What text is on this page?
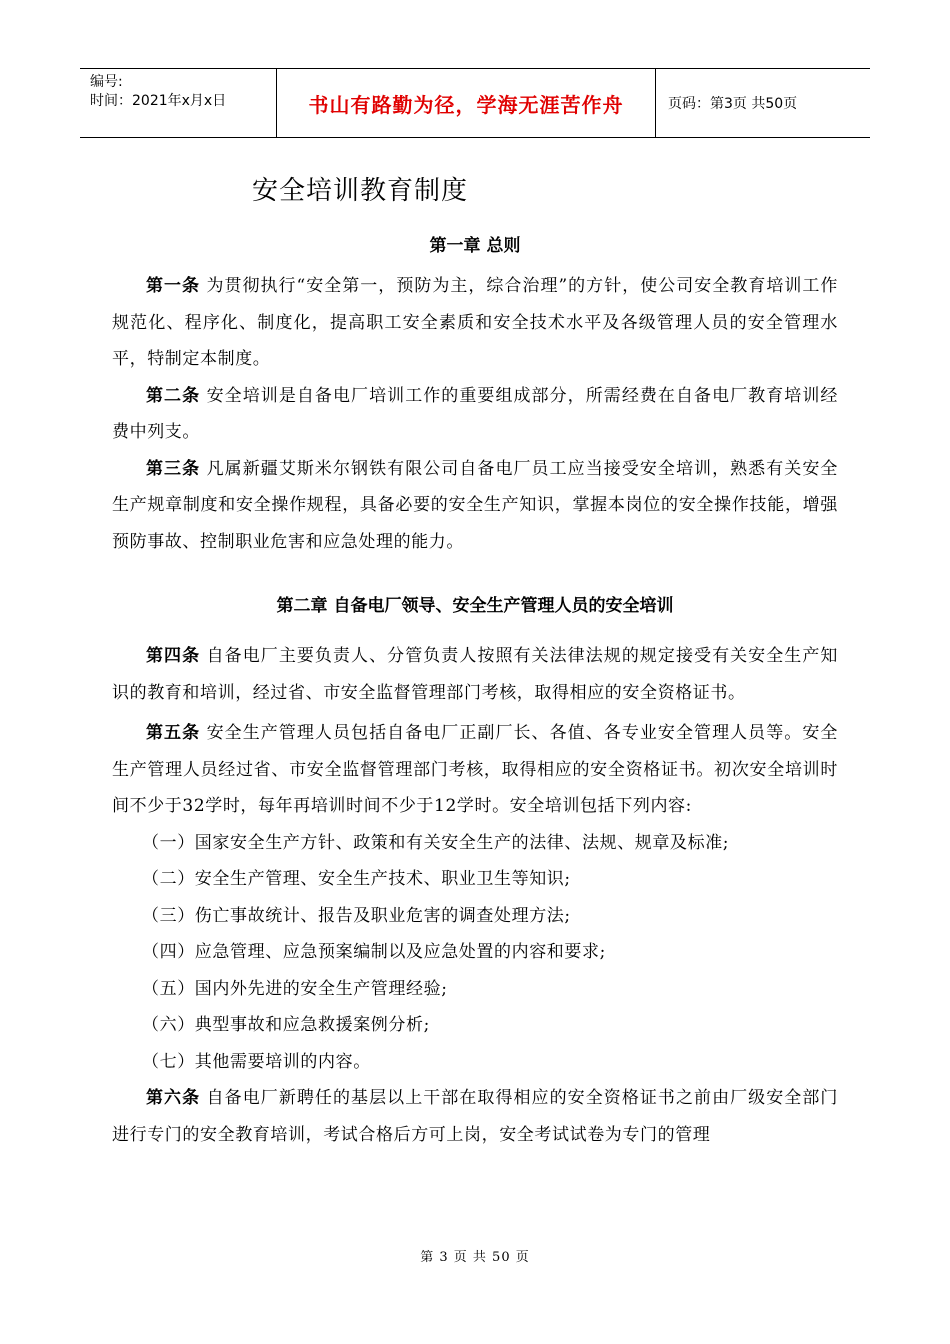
编号:
时间：2021年x月x日	书山有路勤为径，学海无涯苦作舟	页码：第3页 共50页
安全培训教育制度
第一章 总则
第一条 为贯彻执行“安全第一，预防为主，综合治理”的方针，使公司安全教育培训工作规范化、程序化、制度化，提高职工安全素质和安全技术水平及各级管理人员的安全管理水平，特制定本制度。
第二条 安全培训是自备电厂培训工作的重要组成部分，所需经费在自备电厂教育培训经费中列支。
第三条 凡属新疆艾斯米尔钢铁有限公司自备电厂员工应当接受安全培训，熟悉有关安全生产规章制度和安全操作规程，具备必要的安全生产知识，掌握本岗位的安全操作技能，增强预防事故、控制职业危害和应急处理的能力。
第二章 自备电厂领导、安全生产管理人员的安全培训
第四条 自备电厂主要负责人、分管负责人按照有关法律法规的规定接受有关安全生产知识的教育和培训，经过省、市安全监督管理部门考核，取得相应的安全资格证书。
第五条 安全生产管理人员包括自备电厂正副厂长、各值、各专业安全管理人员等。安全生产管理人员经过省、市安全监督管理部门考核，取得相应的安全资格证书。初次安全培训时间不少于32学时，每年再培训时间不少于12学时。安全培训包括下列内容:
（一）国家安全生产方针、政策和有关安全生产的法律、法规、规章及标准;
（二）安全生产管理、安全生产技术、职业卫生等知识;
（三）伤亡事故统计、报告及职业危害的调查处理方法;
（四）应急管理、应急预案编制以及应急处置的内容和要求;
（五）国内外先进的安全生产管理经验;
（六）典型事故和应急救援案例分析;
（七）其他需要培训的内容。
第六条 自备电厂新聘任的基层以上干部在取得相应的安全资格证书之前由厂级安全部门进行专门的安全教育培训，考试合格后方可上岗，安全考试试卷为专门的管理
第 3 页 共 50 页
